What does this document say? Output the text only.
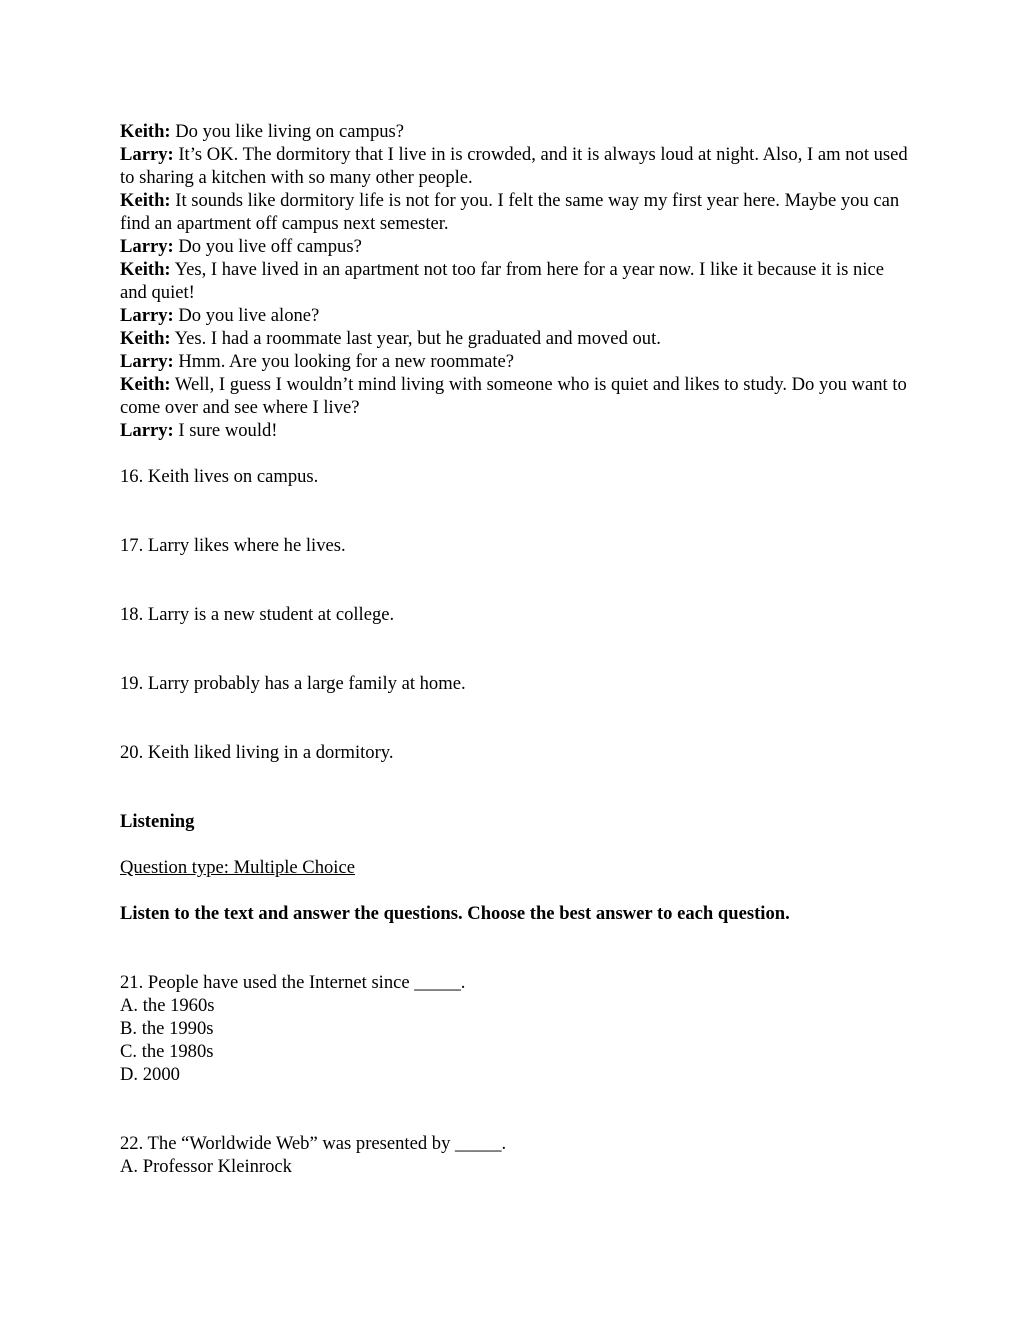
Keith: Do you like living on campus?

Larry: It’s OK. The dormitory that I live in is crowded, and it is always loud at night. Also, I am not used to sharing a kitchen with so many other people.

Keith: It sounds like dormitory life is not for you. I felt the same way my first year here. Maybe you can find an apartment off campus next semester.

Larry: Do you live off campus?

Keith: Yes, I have lived in an apartment not too far from here for a year now. I like it because it is nice and quiet!

Larry: Do you live alone?

Keith: Yes. I had a roommate last year, but he graduated and moved out.

Larry: Hmm. Are you looking for a new roommate?

Keith: Well, I guess I wouldn’t mind living with someone who is quiet and likes to study. Do you want to come over and see where I live?

Larry: I sure would!

16. Keith lives on campus.

17. Larry likes where he lives.

18. Larry is a new student at college.

19. Larry probably has a large family at home.

20. Keith liked living in a dormitory.

Listening

Question type: Multiple Choice

Listen to the text and answer the questions. Choose the best answer to each question.

21. People have used the Internet since _____.

A. the 1960s

B. the 1990s

C. the 1980s

D. 2000

22. The “Worldwide Web” was presented by _____.

A. Professor Kleinrock
